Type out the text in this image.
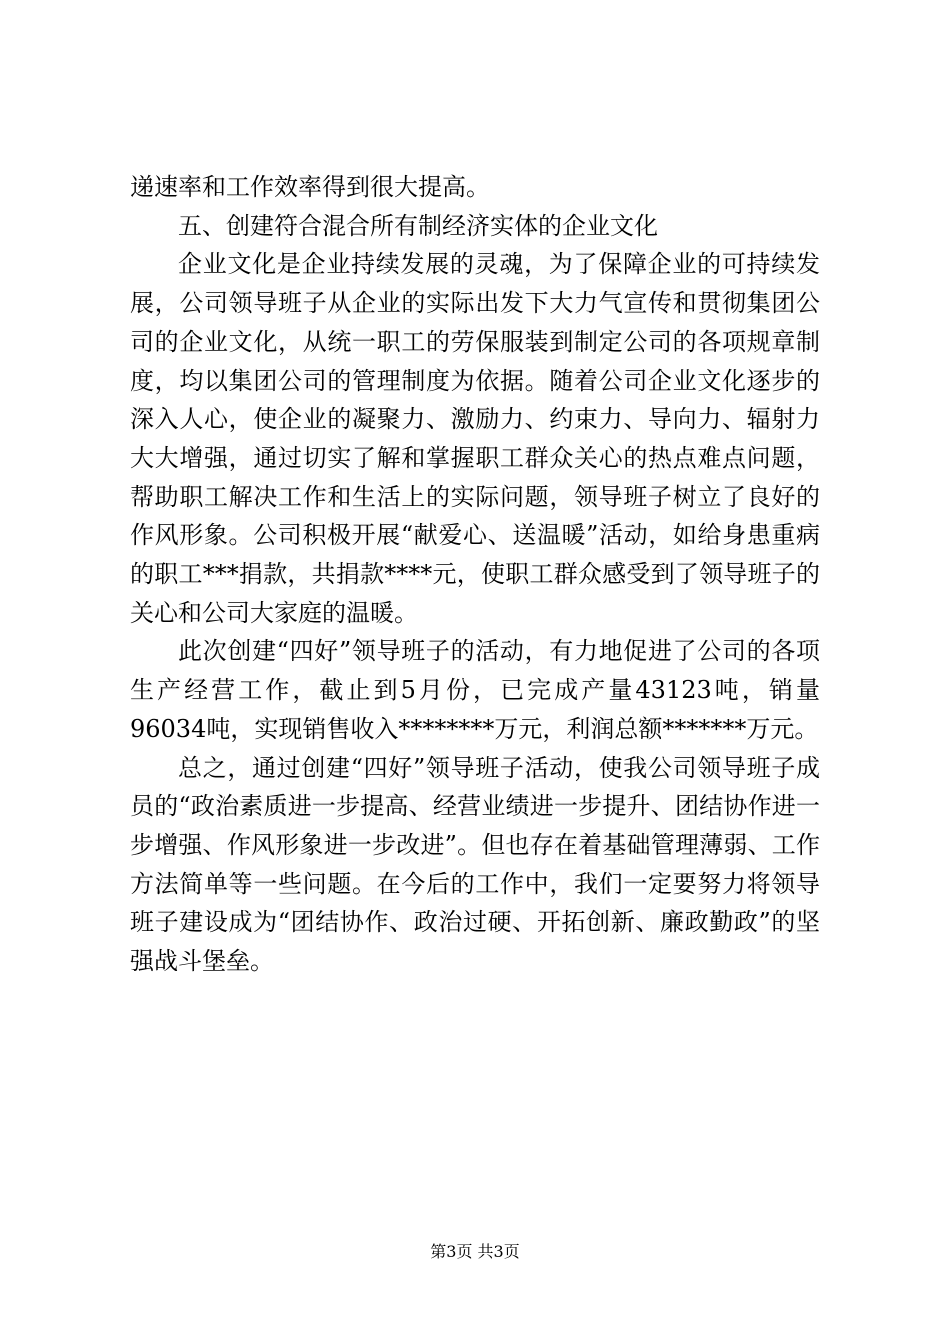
递速率和工作效率得到很大提高。

五、创建符合混合所有制经济实体的企业文化

企业文化是企业持续发展的灵魂，为了保障企业的可持续发展，公司领导班子从企业的实际出发下大力气宣传和贯彻集团公司的企业文化，从统一职工的劳保服装到制定公司的各项规章制度，均以集团公司的管理制度为依据。随着公司企业文化逐步的深入人心，使企业的凝聚力、激励力、约束力、导向力、辐射力大大增强，通过切实了解和掌握职工群众关心的热点难点问题，帮助职工解决工作和生活上的实际问题，领导班子树立了良好的作风形象。公司积极开展“献爱心、送温暖”活动，如给身患重病的职工***捐款，共捐款****元，使职工群众感受到了领导班子的关心和公司大家庭的温暖。

此次创建“四好”领导班子的活动，有力地促进了公司的各项生产经营工作，截止到5月份，已完成产量43123吨，销量96034吨，实现销售收入********万元，利润总额*******万元。

总之，通过创建“四好”领导班子活动，使我公司领导班子成员的“政治素质进一步提高、经营业绩进一步提升、团结协作进一步增强、作风形象进一步改进”。但也存在着基础管理薄弱、工作方法简单等一些问题。在今后的工作中，我们一定要努力将领导班子建设成为“团结协作、政治过硬、开拓创新、廉政勤政”的坚强战斗堡垒。

第3页 共3页
